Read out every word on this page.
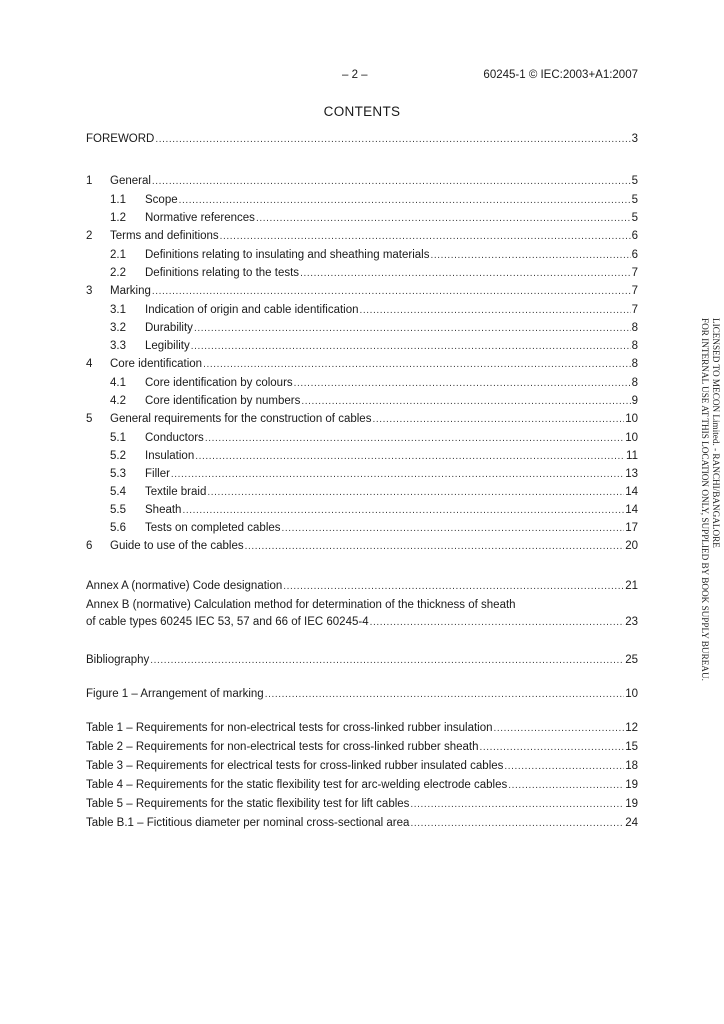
– 2 –	60245-1 © IEC:2003+A1:2007
CONTENTS
FOREWORD .....	3
1	General .....	5
1.1	Scope .....	5
1.2	Normative references .....	5
2	Terms and definitions .....	6
2.1	Definitions relating to insulating and sheathing materials .....	6
2.2	Definitions relating to the tests .....	7
3	Marking .....	7
3.1	Indication of origin and cable identification .....	7
3.2	Durability .....	8
3.3	Legibility .....	8
4	Core identification .....	8
4.1	Core identification by colours .....	8
4.2	Core identification by numbers .....	9
5	General requirements for the construction of cables .....	10
5.1	Conductors .....	10
5.2	Insulation .....	11
5.3	Filler .....	13
5.4	Textile braid .....	14
5.5	Sheath .....	14
5.6	Tests on completed cables .....	17
6	Guide to use of the cables .....	20
Annex A (normative) Code designation .....	21
Annex B (normative) Calculation method for determination of the thickness of sheath
of cable types 60245 IEC 53, 57 and 66 of IEC 60245-4 .....	23
Bibliography .....	25
Figure 1 – Arrangement of marking .....	10
Table 1 – Requirements for non-electrical tests for cross-linked rubber insulation .....	12
Table 2 – Requirements for non-electrical tests for cross-linked rubber sheath .....	15
Table 3 – Requirements for electrical tests for cross-linked rubber insulated cables .....	18
Table 4 – Requirements for the static flexibility test for arc-welding electrode cables .....	19
Table 5 – Requirements for the static flexibility test for lift cables .....	19
Table B.1 – Fictitious diameter per nominal cross-sectional area .....	24
LICENSED TO MECON Limited. - RANCHI/BANGALORE
FOR INTERNAL USE AT THIS LOCATION ONLY, SUPPLIED BY BOOK SUPPLY BUREAU.
